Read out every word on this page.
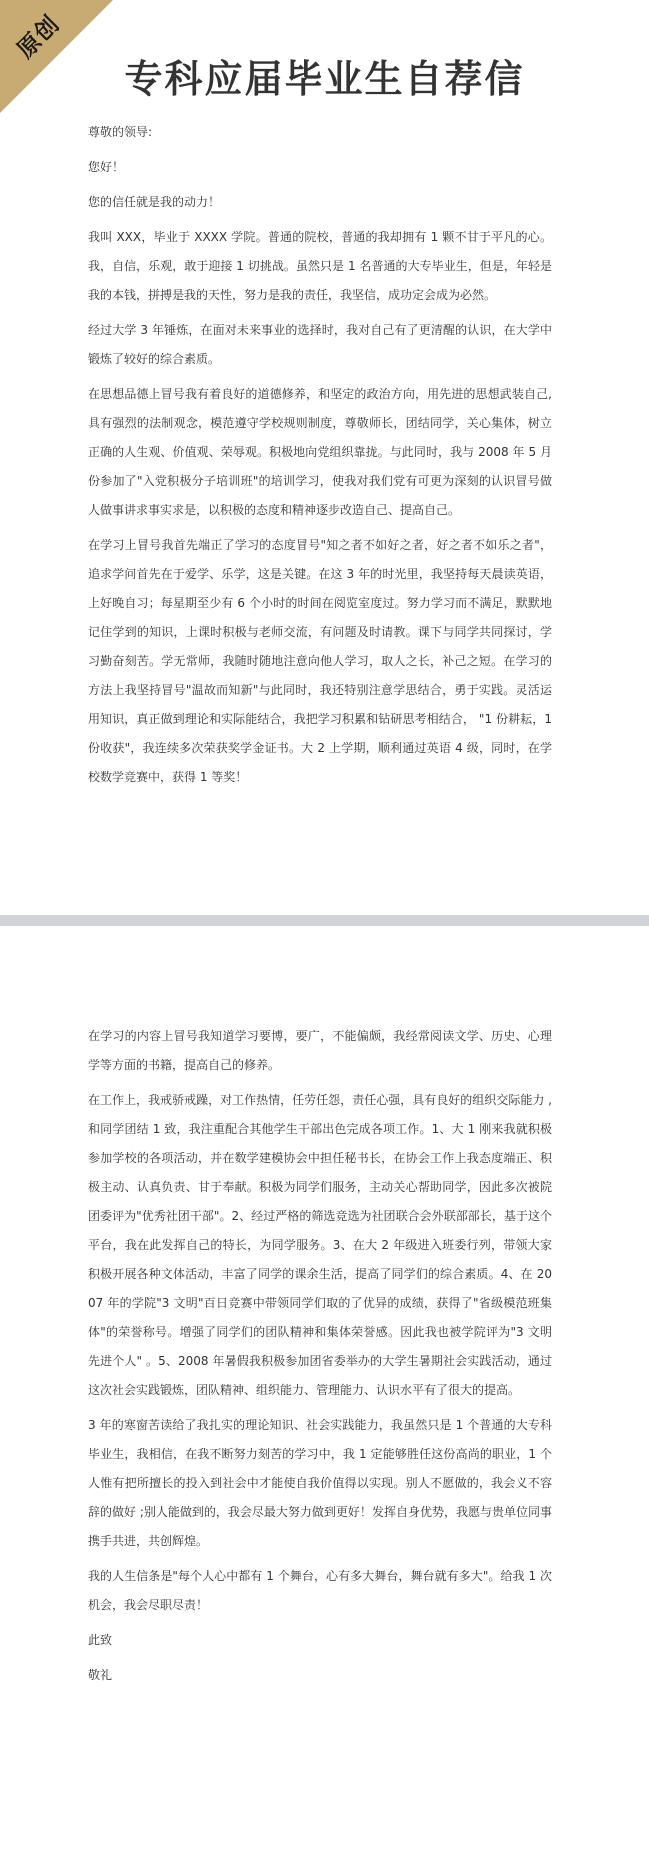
原创
专科应届毕业生自荐信

尊敬的领导:

您好！

您的信任就是我的动力！

我叫 XXX，毕业于 XXXX 学院。普通的院校，普通的我却拥有 1 颗不甘于平凡的心。 我，自信，乐观，敢于迎接 1 切挑战。虽然只是 1 名普通的大专毕业生，但是，年轻是我的本钱，拼搏是我的天性，努力是我的责任，我坚信，成功定会成为必然。

经过大学 3 年锤炼，在面对未来事业的选择时，我对自己有了更清醒的认识，在大学中锻炼了较好的综合素质。

在思想品德上冒号我有着良好的道德修养，和坚定的政治方向，用先进的思想武装自己,具有强烈的法制观念，模范遵守学校规则制度，尊敬师长，团结同学，关心集体，树立正确的人生观、价值观、荣辱观。积极地向党组织靠拢。与此同时，我与 2008 年 5 月份参加了"入党积极分子培训班"的培训学习，使我对我们党有可更为深刻的认识冒号做人做事讲求事实求是，以积极的态度和精神逐步改造自己、提高自己。

在学习上冒号我首先端正了学习的态度冒号"知之者不如好之者，好之者不如乐之者"，追求学问首先在于爱学、乐学，这是关键。在这 3 年的时光里，我坚持每天晨读英语，上好晚自习；每星期至少有 6 个小时的时间在阅览室度过。努力学习而不满足，默默地记住学到的知识，上课时积极与老师交流，有问题及时请教。课下与同学共同探讨，学习勤奋刻苦。学无常师，我随时随地注意向他人学习，取人之长，补己之短。在学习的方法上我坚持冒号"温故而知新"与此同时，我还特别注意学思结合，勇于实践。灵活运用知识，真正做到理论和实际能结合，我把学习积累和钻研思考相结合， "1 份耕耘，1 份收获"，我连续多次荣获奖学金证书。大 2 上学期，顺利通过英语 4 级，同时，在学校数学竞赛中，获得 1 等奖！

在学习的内容上冒号我知道学习要博，要广，不能偏颇，我经常阅读文学、历史、心理学等方面的书籍，提高自己的修养。

在工作上，我戒骄戒躁，对工作热情，任劳任怨，责任心强，具有良好的组织交际能力 ,和同学团结 1 致，我注重配合其他学生干部出色完成各项工作。1、大 1 刚来我就积极参加学校的各项活动，并在数学建模协会中担任秘书长，在协会工作上我态度端正、积极主动、认真负责、甘于奉献。积极为同学们服务，主动关心帮助同学，因此多次被院团委评为"优秀社团干部"。2、经过严格的筛选竞选为社团联合会外联部部长，基于这个平台，我在此发挥自己的特长，为同学服务。3、在大 2 年级进入班委行列，带领大家积极开展各种文体活动，丰富了同学的课余生活，提高了同学们的综合素质。4、在 2007 年的学院"3 文明"百日竞赛中带领同学们取的了优异的成绩，获得了"省级模范班集体"的荣誉称号。增强了同学们的团队精神和集体荣誉感。因此我也被学院评为"3 文明先进个人" 。5、2008 年暑假我积极参加团省委举办的大学生暑期社会实践活动，通过这次社会实践锻炼，团队精神、组织能力、管理能力、认识水平有了很大的提高。

3 年的寒窗苦读给了我扎实的理论知识、社会实践能力，我虽然只是 1 个普通的大专科毕业生，我相信，在我不断努力刻苦的学习中，我 1 定能够胜任这份高尚的职业，1 个人惟有把所擅长的投入到社会中才能使自我价值得以实现。别人不愿做的，我会义不容辞的做好 ;别人能做到的，我会尽最大努力做到更好！发挥自身优势，我愿与贵单位同事携手共进，共创辉煌。

我的人生信条是"每个人心中都有 1 个舞台，心有多大舞台，舞台就有多大"。给我 1 次机会，我会尽职尽责！

此致

敬礼
